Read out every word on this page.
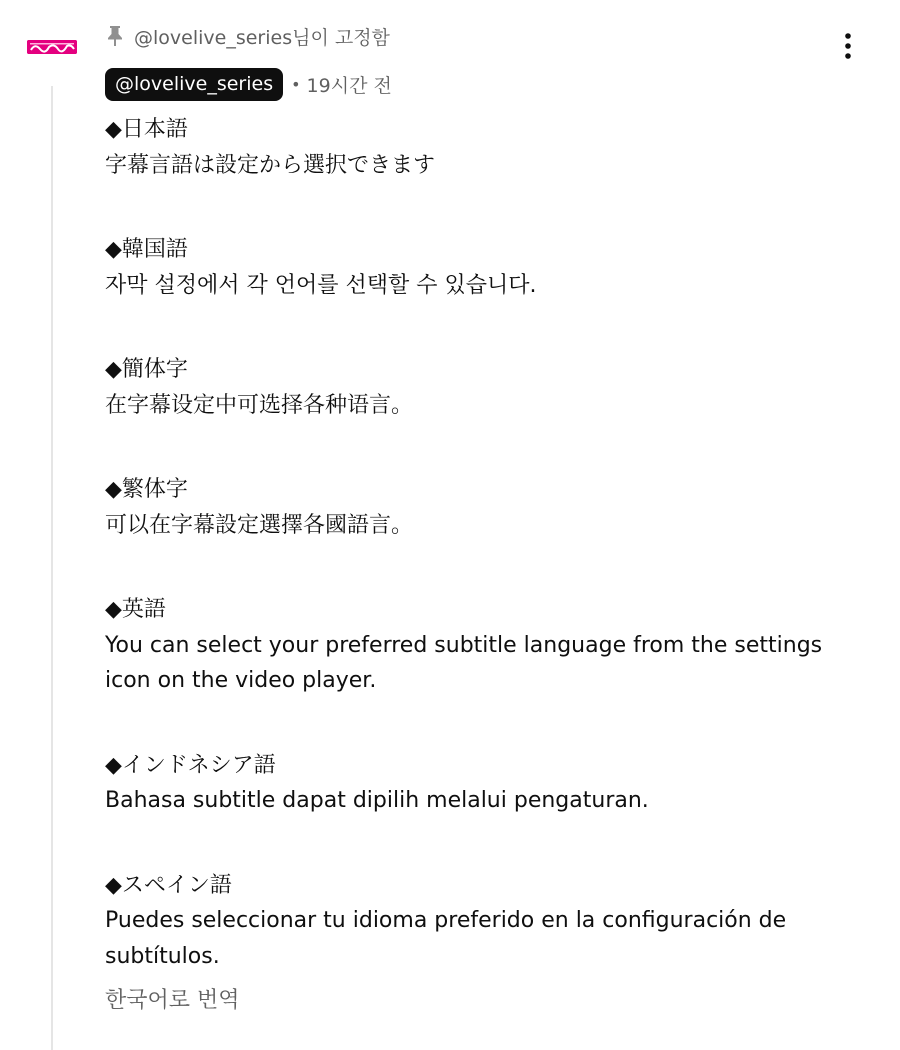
@lovelive_series님이 고정함
@lovelive_series	• 19시간 전
◆日本語
字幕言語は設定から選択できます
◆韓国語
자막 설정에서 각 언어를 선택할 수 있습니다.
◆簡体字
在字幕设定中可选择各种语言。
◆繁体字
可以在字幕設定選擇各國語言。
◆英語
You can select your preferred subtitle language from the settings
icon on the video player.
◆インドネシア語
Bahasa subtitle dapat dipilih melalui pengaturan.
◆スペイン語
Puedes seleccionar tu idioma preferido en la configuración de
subtítulos.
한국어로 번역
